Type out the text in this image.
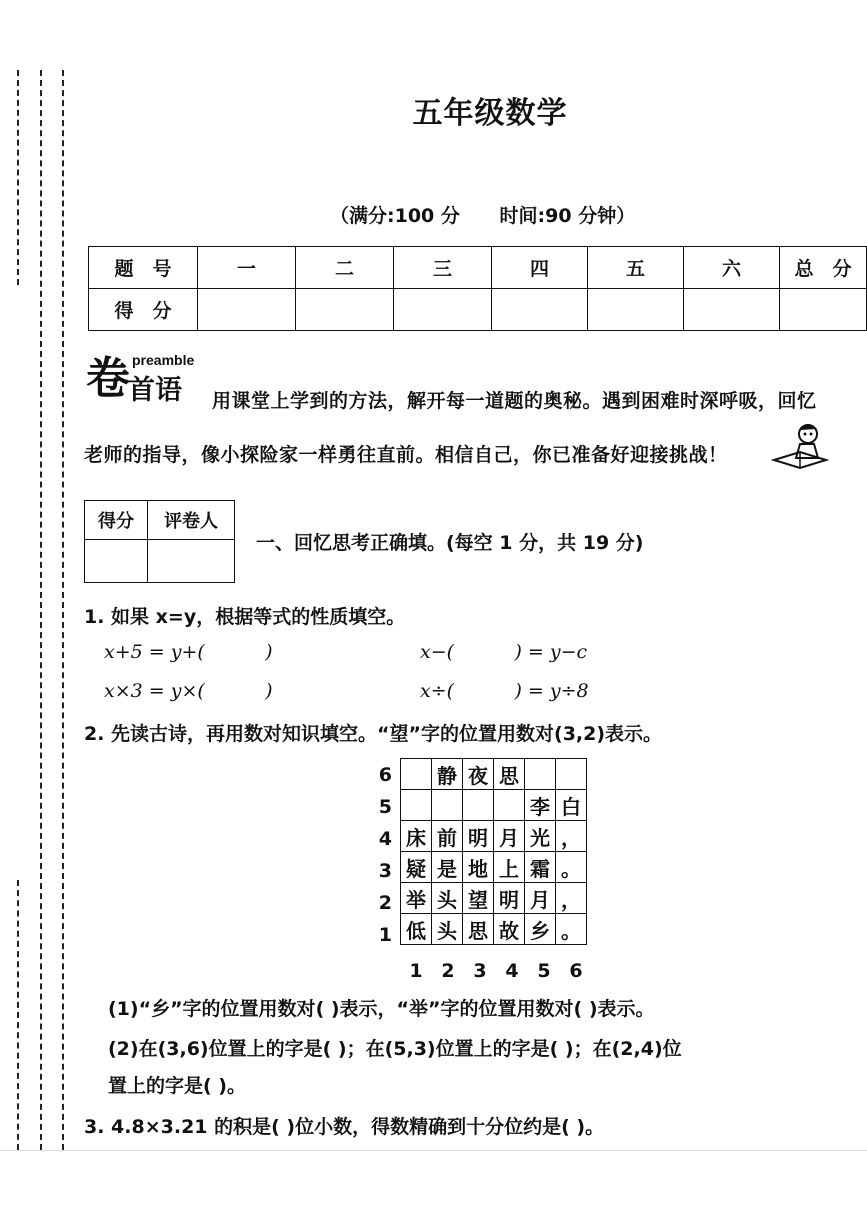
五年级数学
（满分:100 分      时间:90 分钟）
题　号	一	二	三	四	五	六	总　分
得　分							
卷 preamble
首语 用课堂上学到的方法，解开每一道题的奥秘。遇到困难时深呼吸，回忆
老师的指导，像小探险家一样勇往直前。相信自己，你已准备好迎接挑战！
得分	评卷人

一、回忆思考正确填。(每空 1 分，共 19 分)
1. 如果 x=y，根据等式的性质填空。
x+5 = y+(          )	x−(          ) = y−c
x×3 = y×(          )	x÷(          ) = y÷8
2. 先读古诗，再用数对知识填空。“望”字的位置用数对(3,2)表示。
6
5
4
3
2
1
	静	夜	思		
				李	白
床	前	明	月	光	，
疑	是	地	上	霜	。
举	头	望	明	月	，
低	头	思	故	乡	。
1 2 3 4 5 6
(1)“乡”字的位置用数对( )表示，“举”字的位置用数对( )表示。
(2)在(3,6)位置上的字是( )；在(5,3)位置上的字是( )；在(2,4)位
置上的字是( )。
3. 4.8×3.21 的积是( )位小数，得数精确到十分位约是( )。
